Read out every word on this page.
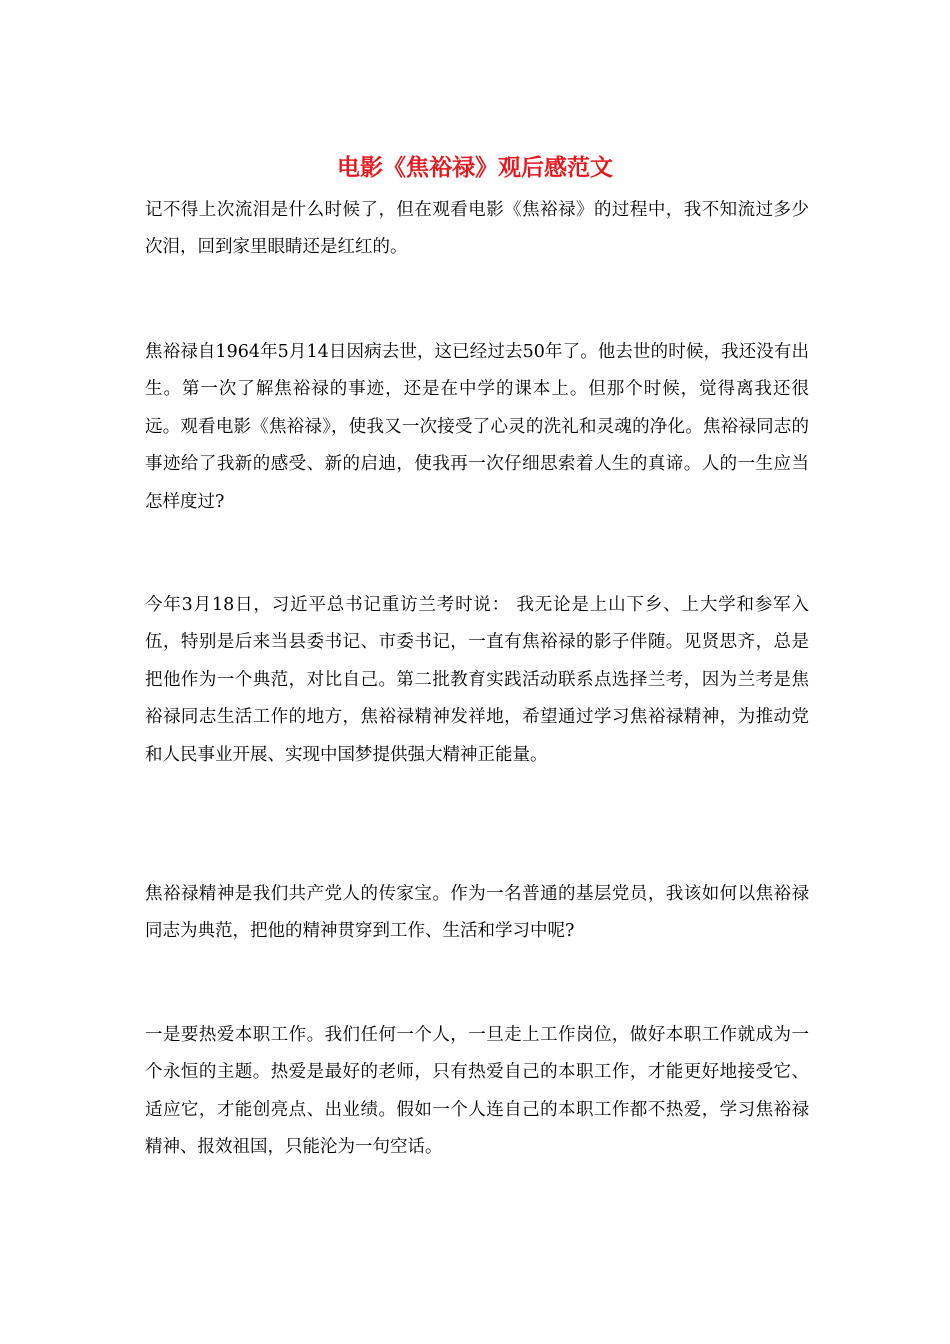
电影《焦裕禄》观后感范文

记不得上次流泪是什么时候了，但在观看电影《焦裕禄》的过程中，我不知流过多少次泪，回到家里眼睛还是红红的。

焦裕禄自1964年5月14日因病去世，这已经过去50年了。他去世的时候，我还没有出生。第一次了解焦裕禄的事迹，还是在中学的课本上。但那个时候，觉得离我还很远。观看电影《焦裕禄》，使我又一次接受了心灵的洗礼和灵魂的净化。焦裕禄同志的事迹给了我新的感受、新的启迪，使我再一次仔细思索着人生的真谛。人的一生应当怎样度过?

今年3月18日，习近平总书记重访兰考时说： 我无论是上山下乡、上大学和参军入伍，特别是后来当县委书记、市委书记，一直有焦裕禄的影子伴随。见贤思齐，总是把他作为一个典范，对比自己。第二批教育实践活动联系点选择兰考，因为兰考是焦裕禄同志生活工作的地方，焦裕禄精神发祥地，希望通过学习焦裕禄精神，为推动党和人民事业开展、实现中国梦提供强大精神正能量。

焦裕禄精神是我们共产党人的传家宝。作为一名普通的基层党员，我该如何以焦裕禄同志为典范，把他的精神贯穿到工作、生活和学习中呢?

一是要热爱本职工作。我们任何一个人，一旦走上工作岗位，做好本职工作就成为一个永恒的主题。热爱是最好的老师，只有热爱自己的本职工作，才能更好地接受它、适应它，才能创亮点、出业绩。假如一个人连自己的本职工作都不热爱，学习焦裕禄精神、报效祖国，只能沦为一句空话。
